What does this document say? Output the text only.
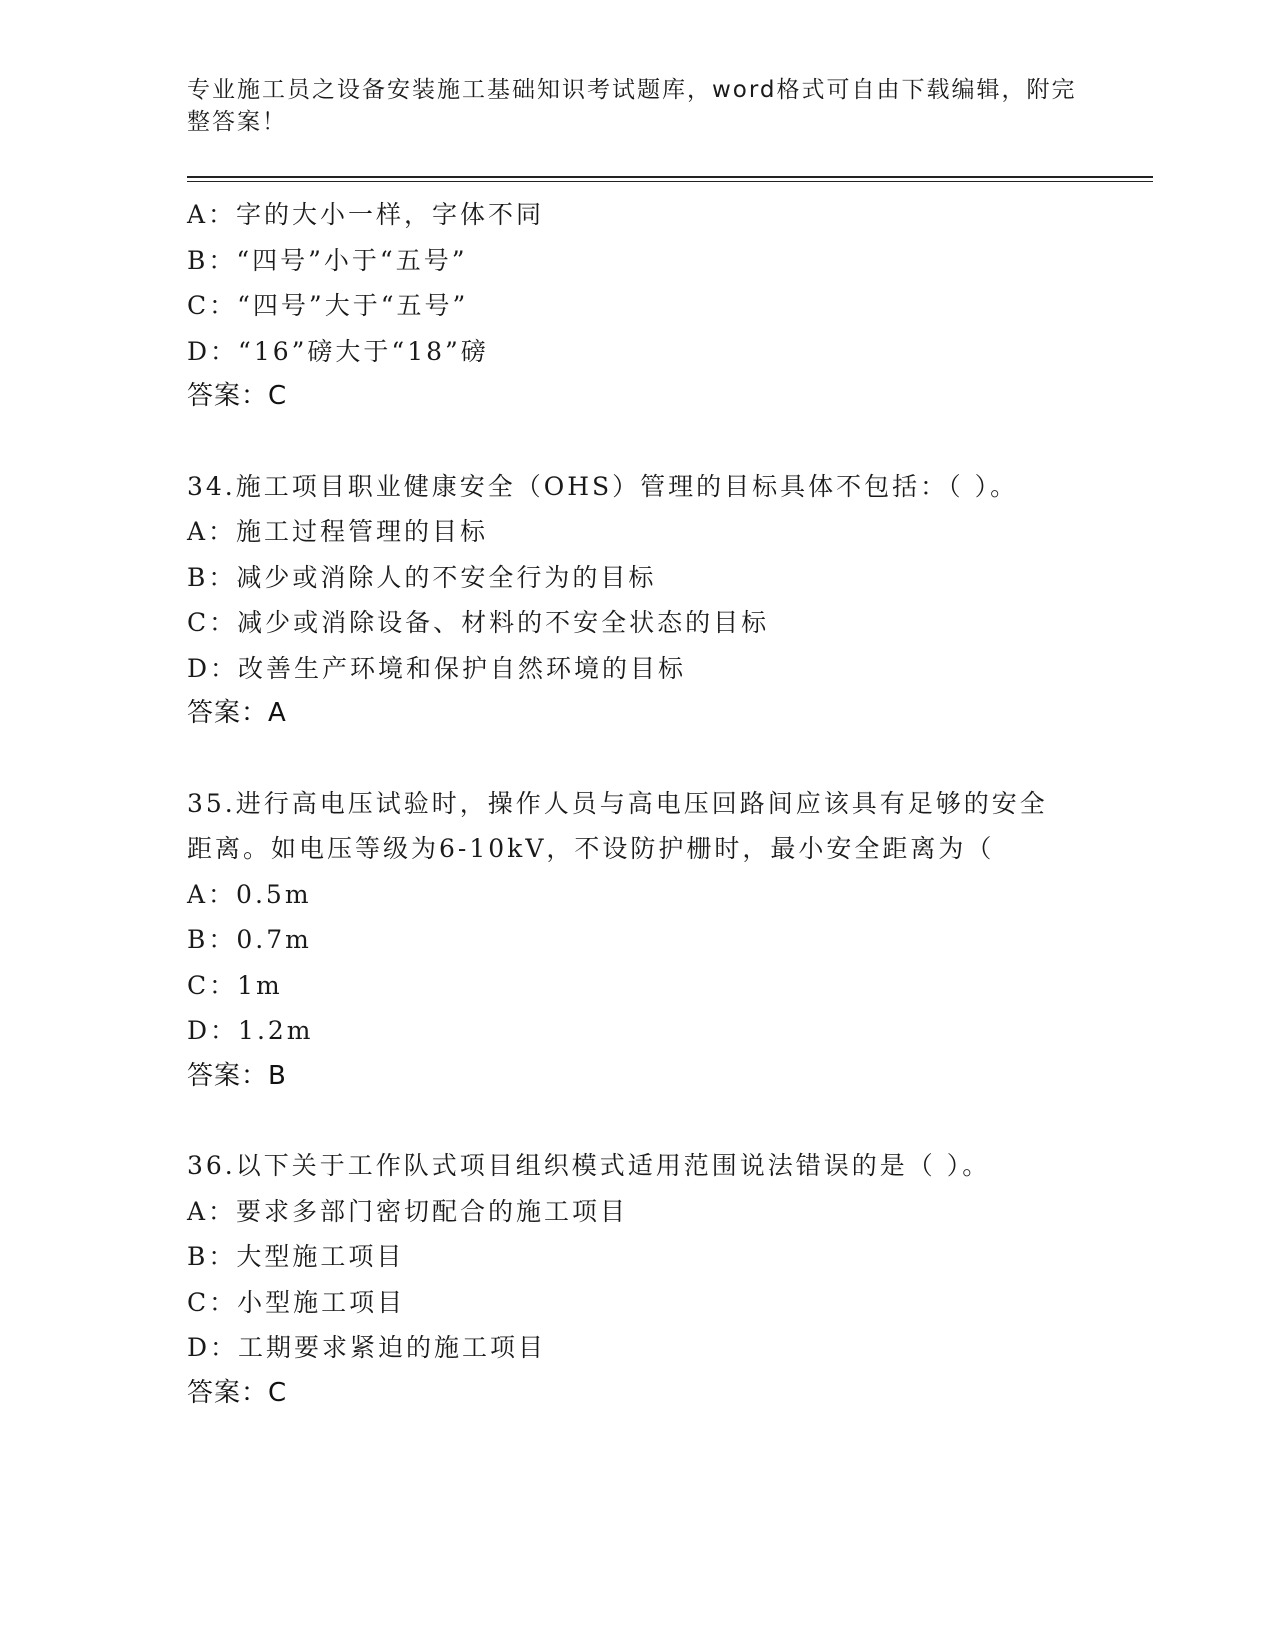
专业施工员之设备安装施工基础知识考试题库，word格式可自由下载编辑，附完整答案！
A：字的大小一样，字体不同
B：“四号”小于“五号”
C：“四号”大于“五号”
D：“16”磅大于“18”磅
答案：C
34.施工项目职业健康安全（OHS）管理的目标具体不包括：（ ）。
A：施工过程管理的目标
B：减少或消除人的不安全行为的目标
C：减少或消除设备、材料的不安全状态的目标
D：改善生产环境和保护自然环境的目标
答案：A
35.进行高电压试验时，操作人员与高电压回路间应该具有足够的安全
距离。如电压等级为6-10kV，不设防护栅时，最小安全距离为（
A：0.5m
B：0.7m
C：1m
D：1.2m
答案：B
36.以下关于工作队式项目组织模式适用范围说法错误的是（ ）。
A：要求多部门密切配合的施工项目
B：大型施工项目
C：小型施工项目
D：工期要求紧迫的施工项目
答案：C
